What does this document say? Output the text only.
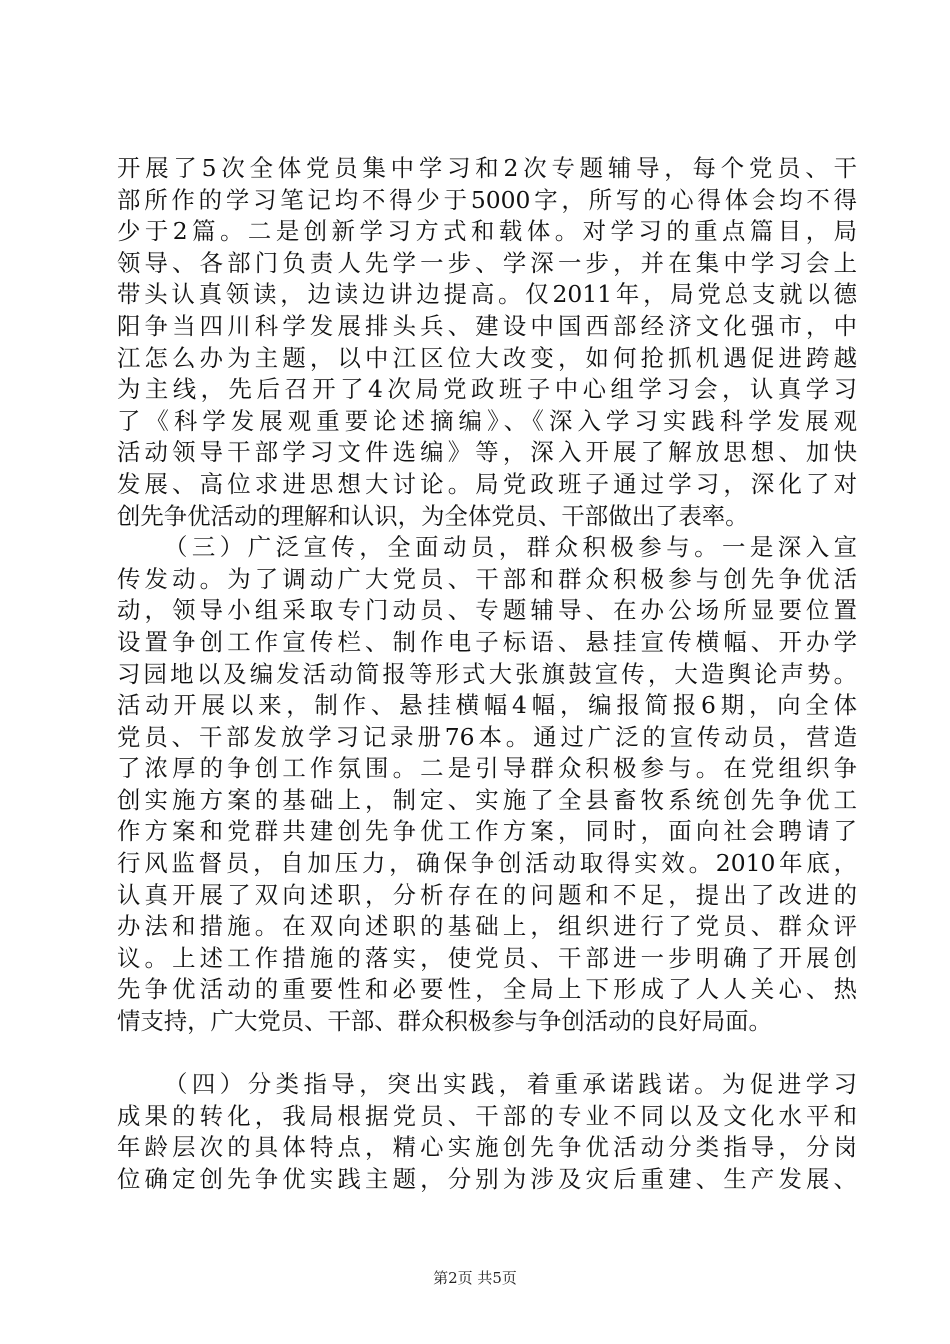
开展了5次全体党员集中学习和2次专题辅导，每个党员、干
部所作的学习笔记均不得少于5000字，所写的心得体会均不得
少于2篇。二是创新学习方式和载体。对学习的重点篇目，局
领导、各部门负责人先学一步、学深一步，并在集中学习会上
带头认真领读，边读边讲边提高。仅2011年，局党总支就以德
阳争当四川科学发展排头兵、建设中国西部经济文化强市，中
江怎么办为主题，以中江区位大改变，如何抢抓机遇促进跨越
为主线，先后召开了4次局党政班子中心组学习会，认真学习
了《科学发展观重要论述摘编》、《深入学习实践科学发展观
活动领导干部学习文件选编》等，深入开展了解放思想、加快
发展、高位求进思想大讨论。局党政班子通过学习，深化了对
创先争优活动的理解和认识，为全体党员、干部做出了表率。
（三）广泛宣传，全面动员，群众积极参与。一是深入宣
传发动。为了调动广大党员、干部和群众积极参与创先争优活
动，领导小组采取专门动员、专题辅导、在办公场所显要位置
设置争创工作宣传栏、制作电子标语、悬挂宣传横幅、开办学
习园地以及编发活动简报等形式大张旗鼓宣传，大造舆论声势。
活动开展以来，制作、悬挂横幅4幅，编报简报6期，向全体
党员、干部发放学习记录册76本。通过广泛的宣传动员，营造
了浓厚的争创工作氛围。二是引导群众积极参与。在党组织争
创实施方案的基础上，制定、实施了全县畜牧系统创先争优工
作方案和党群共建创先争优工作方案，同时，面向社会聘请了
行风监督员，自加压力，确保争创活动取得实效。2010年底，
认真开展了双向述职，分析存在的问题和不足，提出了改进的
办法和措施。在双向述职的基础上，组织进行了党员、群众评
议。上述工作措施的落实，使党员、干部进一步明确了开展创
先争优活动的重要性和必要性，全局上下形成了人人关心、热
情支持，广大党员、干部、群众积极参与争创活动的良好局面。
（四）分类指导，突出实践，着重承诺践诺。为促进学习
成果的转化，我局根据党员、干部的专业不同以及文化水平和
年龄层次的具体特点，精心实施创先争优活动分类指导，分岗
位确定创先争优实践主题，分别为涉及灾后重建、生产发展、
第2页 共5页
